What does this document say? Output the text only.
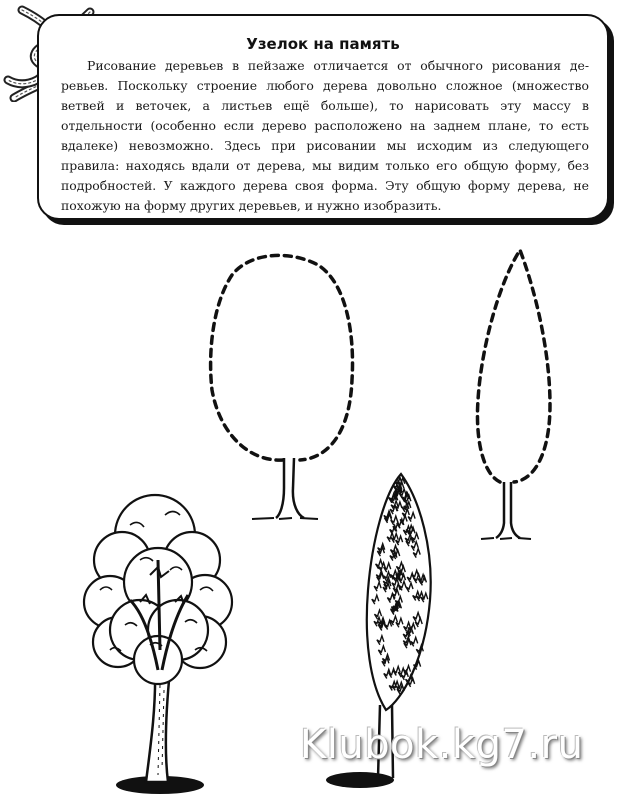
Узелок на память

Рисование деревьев в пейзаже отличается от обычного рисования деревьев. Поскольку строение любого дерева довольно сложное (множество ветвей и веточек, а листьев ещё больше), то нарисовать эту массу в отдельности (особенно если дерево расположено на заднем плане, то есть вдалеке) невозможно. Здесь при рисовании мы исходим из следующего правила: находясь вдали от дерева, мы видим только его общую форму, без подробностей. У каждого дерева своя форма. Эту общую форму дерева, не похожую на форму других деревьев, и нужно изобразить.

Klubok.kg7.ru
